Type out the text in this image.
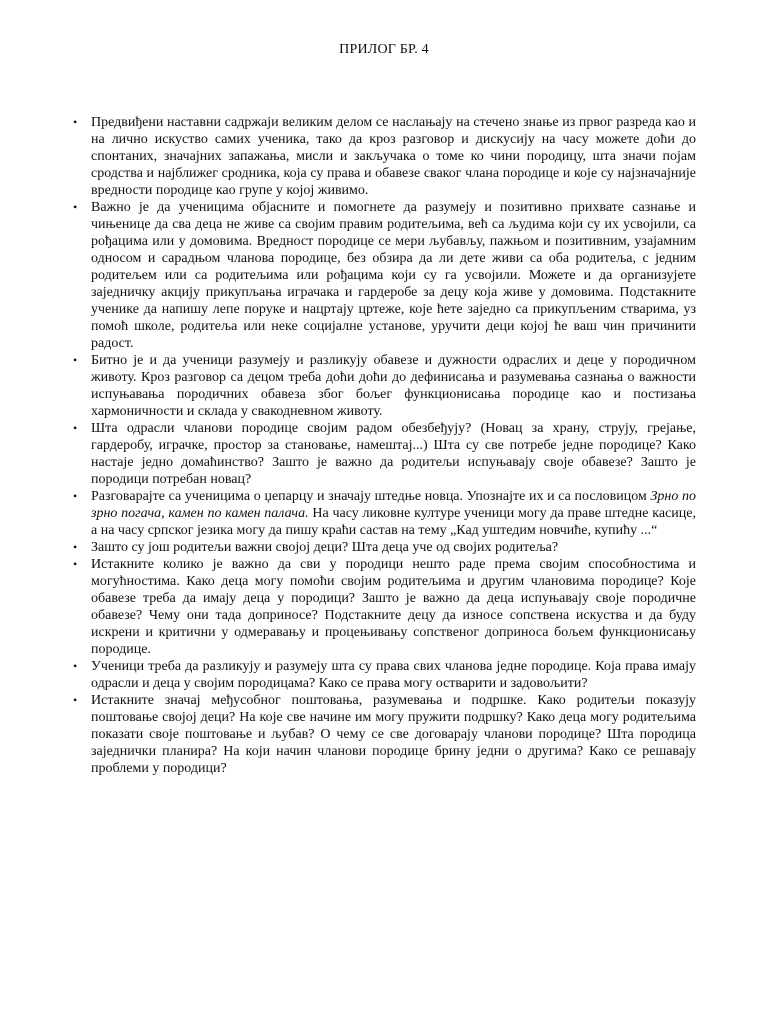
ПРИЛОГ БР. 4
• Предвиђени наставни садржаји великим делом се наслањају на стечено знање из првог разреда као и на лично искуство самих ученика, тако да кроз разговор и дискусију на часу можете доћи до спонтаних, значајних запажања, мисли и закључака о томе ко чини породицу, шта значи појам сродства и најближег сродника, која су права и обавезе сваког члана породице и које су најзначајније вредности породице као групе у којој живимо.
• Важно је да ученицима објасните и помогнете да разумеју и позитивно прихвате сазнање и чињенице да сва деца не живе са својим правим родитељима, већ са људима који су их усвојили, са рођацима или у домовима. Вредност породице се мери љубављу, пажњом и позитивним, узајамним односом и сарадњом чланова породице, без обзира да ли дете живи са оба родитеља, с једним родитељем или са родитељима или рођацима који су га усвојили. Можете и да организујете заједничку акцију прикупљања играчака и гардеробе за децу која живе у домовима. Подстакните ученике да напишу лепе поруке и нацртају цртеже, које ћете заједно са прикупљеним стварима, уз помоћ школе, родитеља или неке социјалне установе, уручити деци којој ће ваш чин причинити радост.
• Битно је и да ученици разумеју и разликују обавезе и дужности одраслих и деце у породичном животу. Кроз разговор са децом треба доћи доћи до дефинисања и разумевања сазнања о важности испуњавања породичних обавеза због бољег функционисања породице као и постизања хармоничности и склада у свакодневном животу.
• Шта одрасли чланови породице својим радом обезбеђују? (Новац за храну, струју, грејање, гардеробу, играчке, простор за становање, намештај...) Шта су све потребе једне породице? Како настаје једно домаћинство? Зашто је важно да родитељи испуњавају своје обавезе? Зашто је породици потребан новац?
• Разговарајте са ученицима о џепарцу и значају штедње новца. Упознајте их и са пословицом Зрно по зрно погача, камен по камен палача. На часу ликовне културе ученици могу да праве штедне касице, а на часу српског језика могу да пишу краћи састав на тему „Кад уштедим новчиће, купићу ...“
• Зашто су још родитељи важни својој деци? Шта деца уче од својих родитеља?
• Истакните колико је важно да сви у породици нешто раде према својим способностима и могућностима. Како деца могу помоћи својим родитељима и другим члановима породице? Које обавезе треба да имају деца у породици? Зашто је важно да деца испуњавају своје породичне обавезе? Чему они тада доприносе? Подстакните децу да износе сопствена искуства и да буду искрени и критични у одмеравању и процењивању сопственог доприноса бољем функционисању породице.
• Ученици треба да разликују и разумеју шта су права свих чланова једне породице. Која права имају одрасли и деца у својим породицама? Како се права могу остварити и задовољити?
• Истакните значај међусобног поштовања, разумевања и подршке. Како родитељи показују поштовање својој деци? На које све начине им могу пружити подршку? Како деца могу родитељима показати своје поштовање и љубав? О чему се све договарају чланови породице? Шта породица заједнички планира? На који начин чланови породице брину једни о другима? Како се решавају проблеми у породици?
